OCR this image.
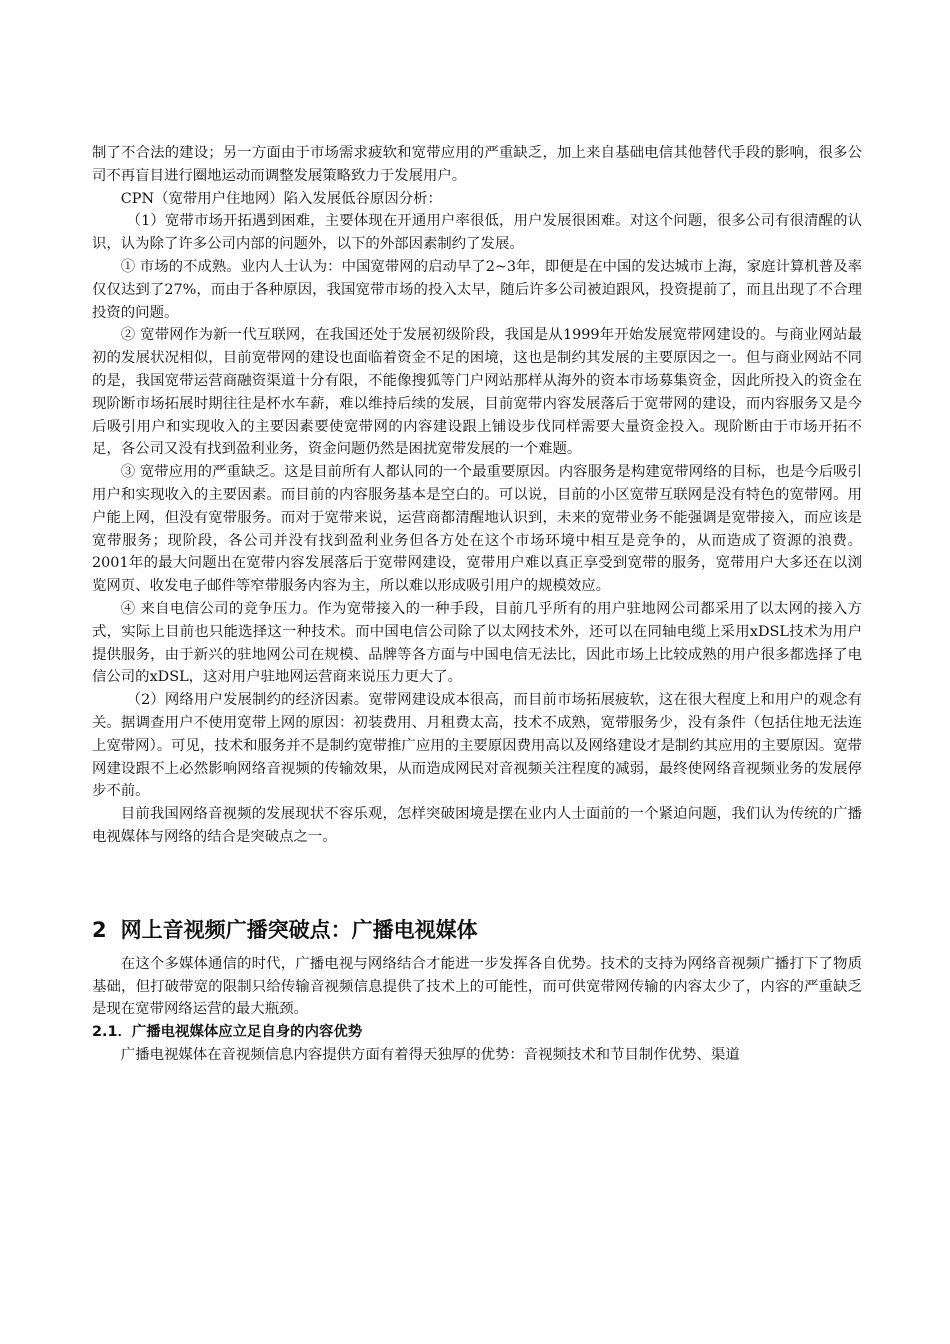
制了不合法的建设；另一方面由于市场需求疲软和宽带应用的严重缺乏，加上来自基础电信其他替代手段的影响，很多公司不再盲目进行圈地运动而调整发展策略致力于发展用户。

CPN（宽带用户住地网）陷入发展低谷原因分析：

（1）宽带市场开拓遇到困难，主要体现在开通用户率很低，用户发展很困难。对这个问题，很多公司有很清醒的认识，认为除了许多公司内部的问题外，以下的外部因素制约了发展。

① 市场的不成熟。业内人士认为：中国宽带网的启动早了2~3年，即便是在中国的发达城市上海，家庭计算机普及率仅仅达到了27%，而由于各种原因，我国宽带市场的投入太早，随后许多公司被迫跟风，投资提前了，而且出现了不合理投资的问题。

② 宽带网作为新一代互联网，在我国还处于发展初级阶段，我国是从1999年开始发展宽带网建设的。与商业网站最初的发展状况相似，目前宽带网的建设也面临着资金不足的困境，这也是制约其发展的主要原因之一。但与商业网站不同的是，我国宽带运营商融资渠道十分有限，不能像搜狐等门户网站那样从海外的资本市场募集资金，因此所投入的资金在现阶断市场拓展时期往往是杯水车薪，难以维持后续的发展，目前宽带内容发展落后于宽带网的建设，而内容服务又是今后吸引用户和实现收入的主要因素要使宽带网的内容建设跟上铺设步伐同样需要大量资金投入。现阶断由于市场开拓不足，各公司又没有找到盈利业务，资金问题仍然是困扰宽带发展的一个难题。

③ 宽带应用的严重缺乏。这是目前所有人都认同的一个最重要原因。内容服务是构建宽带网络的目标，也是今后吸引用户和实现收入的主要因素。而目前的内容服务基本是空白的。可以说，目前的小区宽带互联网是没有特色的宽带网。用户能上网，但没有宽带服务。而对于宽带来说，运营商都清醒地认识到，未来的宽带业务不能强调是宽带接入，而应该是宽带服务；现阶段，各公司并没有找到盈利业务但各方处在这个市场环境中相互是竞争的，从而造成了资源的浪费。2001年的最大问题出在宽带内容发展落后于宽带网建设，宽带用户难以真正享受到宽带的服务，宽带用户大多还在以浏览网页、收发电子邮件等窄带服务内容为主，所以难以形成吸引用户的规模效应。

④ 来自电信公司的竞争压力。作为宽带接入的一种手段，目前几乎所有的用户驻地网公司都采用了以太网的接入方式，实际上目前也只能选择这一种技术。而中国电信公司除了以太网技术外，还可以在同轴电缆上采用xDSL技术为用户提供服务，由于新兴的驻地网公司在规模、品牌等各方面与中国电信无法比，因此市场上比较成熟的用户很多都选择了电信公司的xDSL，这对用户驻地网运营商来说压力更大了。

（2）网络用户发展制约的经济因素。宽带网建设成本很高，而目前市场拓展疲软，这在很大程度上和用户的观念有关。据调查用户不使用宽带上网的原因：初装费用、月租费太高，技术不成熟，宽带服务少，没有条件（包括住地无法连上宽带网）。可见，技术和服务并不是制约宽带推广应用的主要原因费用高以及网络建设才是制约其应用的主要原因。宽带网建设跟不上必然影响网络音视频的传输效果，从而造成网民对音视频关注程度的减弱，最终使网络音视频业务的发展停步不前。

目前我国网络音视频的发展现状不容乐观，怎样突破困境是摆在业内人士面前的一个紧迫问题，我们认为传统的广播电视媒体与网络的结合是突破点之一。

2 网上音视频广播突破点：广播电视媒体

在这个多媒体通信的时代，广播电视与网络结合才能进一步发挥各自优势。技术的支持为网络音视频广播打下了物质基础，但打破带宽的限制只给传输音视频信息提供了技术上的可能性，而可供宽带网传输的内容太少了，内容的严重缺乏是现在宽带网络运营的最大瓶颈。

2.1．广播电视媒体应立足自身的内容优势

广播电视媒体在音视频信息内容提供方面有着得天独厚的优势：音视频技术和节目制作优势、渠道
